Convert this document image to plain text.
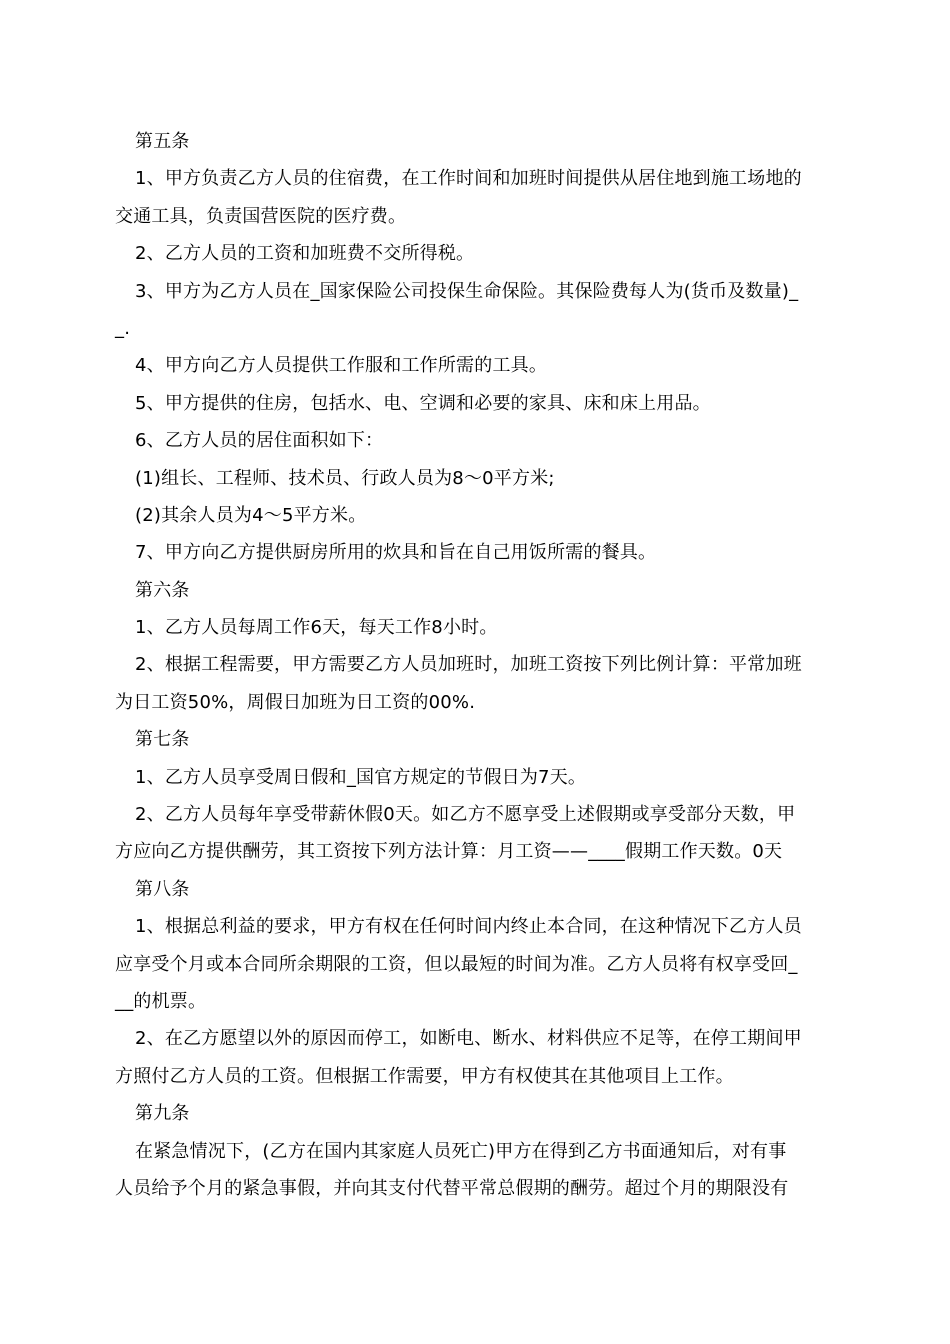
第五条
1、甲方负责乙方人员的住宿费，在工作时间和加班时间提供从居住地到施工场地的
交通工具，负责国营医院的医疗费。
2、乙方人员的工资和加班费不交所得税。
3、甲方为乙方人员在_国家保险公司投保生命保险。其保险费每人为(货币及数量)_
_.
4、甲方向乙方人员提供工作服和工作所需的工具。
5、甲方提供的住房，包括水、电、空调和必要的家具、床和床上用品。
6、乙方人员的居住面积如下：
(1)组长、工程师、技术员、行政人员为8～0平方米;
(2)其余人员为4～5平方米。
7、甲方向乙方提供厨房所用的炊具和旨在自己用饭所需的餐具。
第六条
1、乙方人员每周工作6天，每天工作8小时。
2、根据工程需要，甲方需要乙方人员加班时，加班工资按下列比例计算：平常加班
为日工资50%，周假日加班为日工资的00%.
第七条
1、乙方人员享受周日假和_国官方规定的节假日为7天。
2、乙方人员每年享受带薪休假0天。如乙方不愿享受上述假期或享受部分天数，甲
方应向乙方提供酬劳，其工资按下列方法计算：月工资——____假期工作天数。0天
第八条
1、根据总利益的要求，甲方有权在任何时间内终止本合同，在这种情况下乙方人员
应享受个月或本合同所余期限的工资，但以最短的时间为准。乙方人员将有权享受回_
__的机票。
2、在乙方愿望以外的原因而停工，如断电、断水、材料供应不足等，在停工期间甲
方照付乙方人员的工资。但根据工作需要，甲方有权使其在其他项目上工作。
第九条
在紧急情况下，(乙方在国内其家庭人员死亡)甲方在得到乙方书面通知后，对有事
人员给予个月的紧急事假，并向其支付代替平常总假期的酬劳。超过个月的期限没有
